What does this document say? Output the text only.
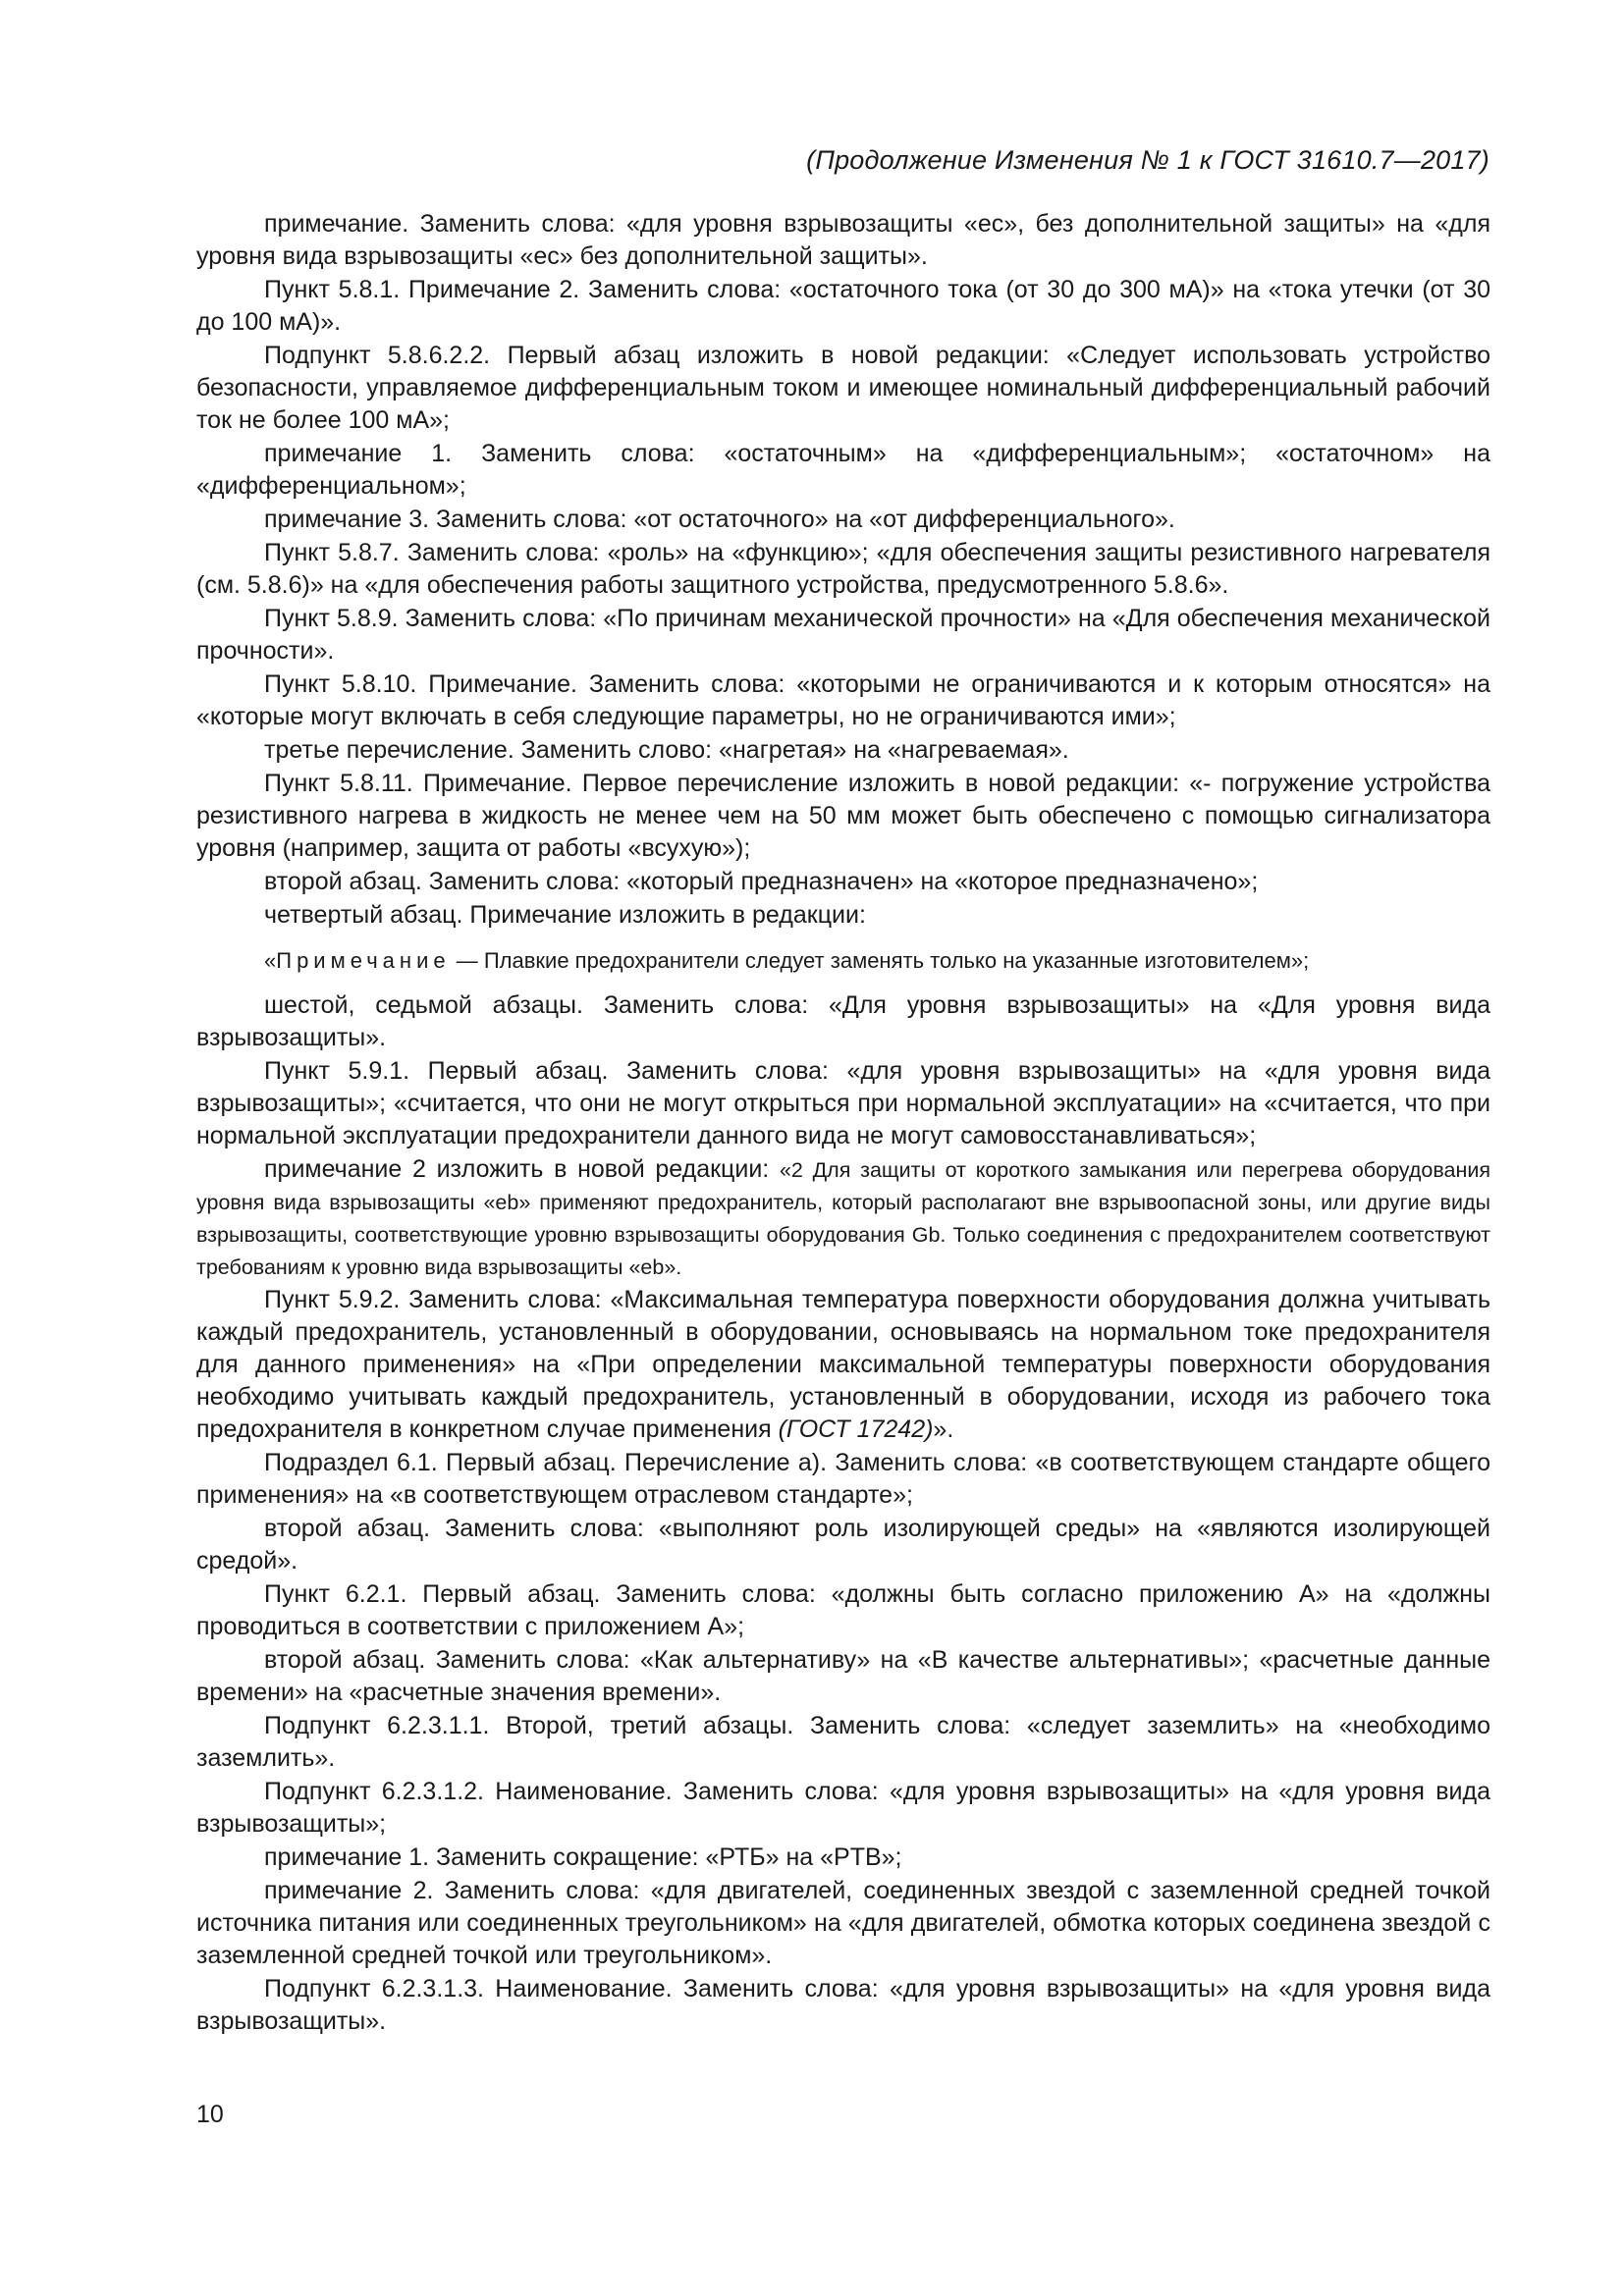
(Продолжение Изменения № 1 к ГОСТ 31610.7—2017)

примечание. Заменить слова: «для уровня взрывозащиты «ес», без дополнительной защиты» на «для уровня вида взрывозащиты «ес» без дополнительной защиты».

Пункт 5.8.1. Примечание 2. Заменить слова: «остаточного тока (от 30 до 300 мА)» на «тока утечки (от 30 до 100 мА)».

Подпункт 5.8.6.2.2. Первый абзац изложить в новой редакции: «Следует использовать устройство безопасности, управляемое дифференциальным током и имеющее номинальный дифференциальный рабочий ток не более 100 мА»;

примечание 1. Заменить слова: «остаточным» на «дифференциальным»; «остаточном» на «дифференциальном»;

примечание 3. Заменить слова: «от остаточного» на «от дифференциального».

Пункт 5.8.7. Заменить слова: «роль» на «функцию»; «для обеспечения защиты резистивного нагревателя (см. 5.8.6)» на «для обеспечения работы защитного устройства, предусмотренного 5.8.6».

Пункт 5.8.9. Заменить слова: «По причинам механической прочности» на «Для обеспечения механической прочности».

Пункт 5.8.10. Примечание. Заменить слова: «которыми не ограничиваются и к которым относятся» на «которые могут включать в себя следующие параметры, но не ограничиваются ими»;

третье перечисление. Заменить слово: «нагретая» на «нагреваемая».

Пункт 5.8.11. Примечание. Первое перечисление изложить в новой редакции: «- погружение устройства резистивного нагрева в жидкость не менее чем на 50 мм может быть обеспечено с помощью сигнализатора уровня (например, защита от работы «всухую»);

второй абзац. Заменить слова: «который предназначен» на «которое предназначено»;

четвертый абзац. Примечание изложить в редакции:

«Примечание — Плавкие предохранители следует заменять только на указанные изготовителем»;

шестой, седьмой абзацы. Заменить слова: «Для уровня взрывозащиты» на «Для уровня вида взрывозащиты».

Пункт 5.9.1. Первый абзац. Заменить слова: «для уровня взрывозащиты» на «для уровня вида взрывозащиты»; «считается, что они не могут открыться при нормальной эксплуатации» на «считается, что при нормальной эксплуатации предохранители данного вида не могут самовосстанавливаться»;

примечание 2 изложить в новой редакции: «2 Для защиты от короткого замыкания или перегрева оборудования уровня вида взрывозащиты «eb» применяют предохранитель, который располагают вне взрывоопасной зоны, или другие виды взрывозащиты, соответствующие уровню взрывозащиты оборудования Gb. Только соединения с предохранителем соответствуют требованиям к уровню вида взрывозащиты «eb».

Пункт 5.9.2. Заменить слова: «Максимальная температура поверхности оборудования должна учитывать каждый предохранитель, установленный в оборудовании, основываясь на нормальном токе предохранителя для данного применения» на «При определении максимальной температуры поверхности оборудования необходимо учитывать каждый предохранитель, установленный в оборудовании, исходя из рабочего тока предохранителя в конкретном случае применения (ГОСТ 17242)».

Подраздел 6.1. Первый абзац. Перечисление а). Заменить слова: «в соответствующем стандарте общего применения» на «в соответствующем отраслевом стандарте»;

второй абзац. Заменить слова: «выполняют роль изолирующей среды» на «являются изолирующей средой».

Пункт 6.2.1. Первый абзац. Заменить слова: «должны быть согласно приложению А» на «должны проводиться в соответствии с приложением А»;

второй абзац. Заменить слова: «Как альтернативу» на «В качестве альтернативы»; «расчетные данные времени» на «расчетные значения времени».

Подпункт 6.2.3.1.1. Второй, третий абзацы. Заменить слова: «следует заземлить» на «необходимо заземлить».

Подпункт 6.2.3.1.2. Наименование. Заменить слова: «для уровня взрывозащиты» на «для уровня вида взрывозащиты»;

примечание 1. Заменить сокращение: «РТБ» на «PTB»;

примечание 2. Заменить слова: «для двигателей, соединенных звездой с заземленной средней точкой источника питания или соединенных треугольником» на «для двигателей, обмотка которых соединена звездой с заземленной средней точкой или треугольником».

Подпункт 6.2.3.1.3. Наименование. Заменить слова: «для уровня взрывозащиты» на «для уровня вида взрывозащиты».

10
